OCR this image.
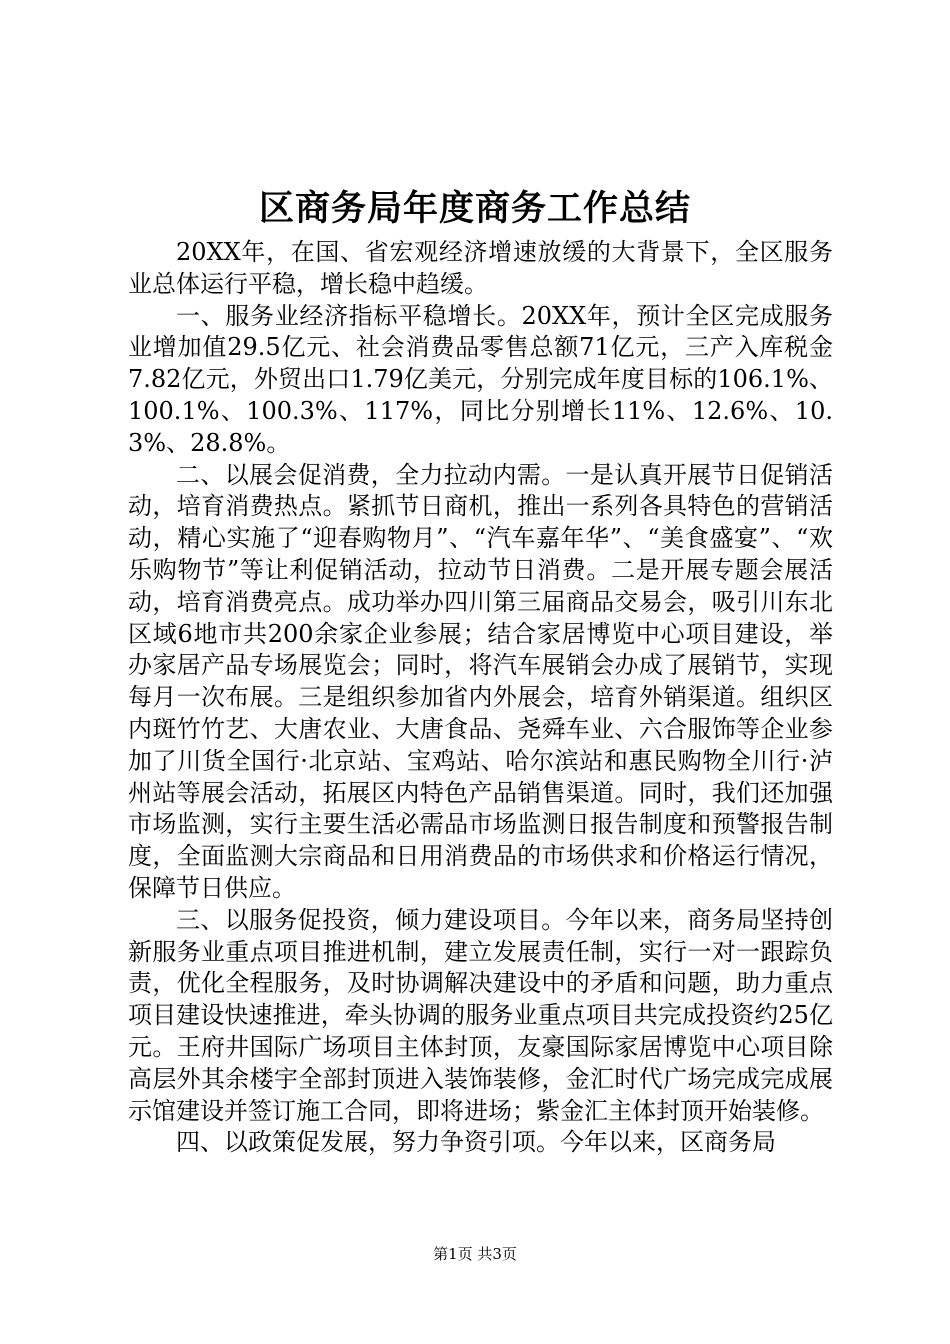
区商务局年度商务工作总结

20XX年，在国、省宏观经济增速放缓的大背景下，全区服务业总体运行平稳，增长稳中趋缓。

一、服务业经济指标平稳增长。20XX年，预计全区完成服务业增加值29.5亿元、社会消费品零售总额71亿元，三产入库税金7.82亿元，外贸出口1.79亿美元，分别完成年度目标的106.1%、100.1%、100.3%、117%，同比分别增长11%、12.6%、10.3%、28.8%。

二、以展会促消费，全力拉动内需。一是认真开展节日促销活动，培育消费热点。紧抓节日商机，推出一系列各具特色的营销活动，精心实施了“迎春购物月”、“汽车嘉年华”、“美食盛宴”、“欢乐购物节”等让利促销活动，拉动节日消费。二是开展专题会展活动，培育消费亮点。成功举办四川第三届商品交易会，吸引川东北区域6地市共200余家企业参展；结合家居博览中心项目建设，举办家居产品专场展览会；同时，将汽车展销会办成了展销节，实现每月一次布展。三是组织参加省内外展会，培育外销渠道。组织区内斑竹竹艺、大唐农业、大唐食品、尧舜车业、六合服饰等企业参加了川货全国行·北京站、宝鸡站、哈尔滨站和惠民购物全川行·泸州站等展会活动，拓展区内特色产品销售渠道。同时，我们还加强市场监测，实行主要生活必需品市场监测日报告制度和预警报告制度，全面监测大宗商品和日用消费品的市场供求和价格运行情况，保障节日供应。

三、以服务促投资，倾力建设项目。今年以来，商务局坚持创新服务业重点项目推进机制，建立发展责任制，实行一对一跟踪负责，优化全程服务，及时协调解决建设中的矛盾和问题，助力重点项目建设快速推进，牵头协调的服务业重点项目共完成投资约25亿元。王府井国际广场项目主体封顶，友豪国际家居博览中心项目除高层外其余楼宇全部封顶进入装饰装修，金汇时代广场完成完成展示馆建设并签订施工合同，即将进场；紫金汇主体封顶开始装修。

四、以政策促发展，努力争资引项。今年以来，区商务局

第1页 共3页
